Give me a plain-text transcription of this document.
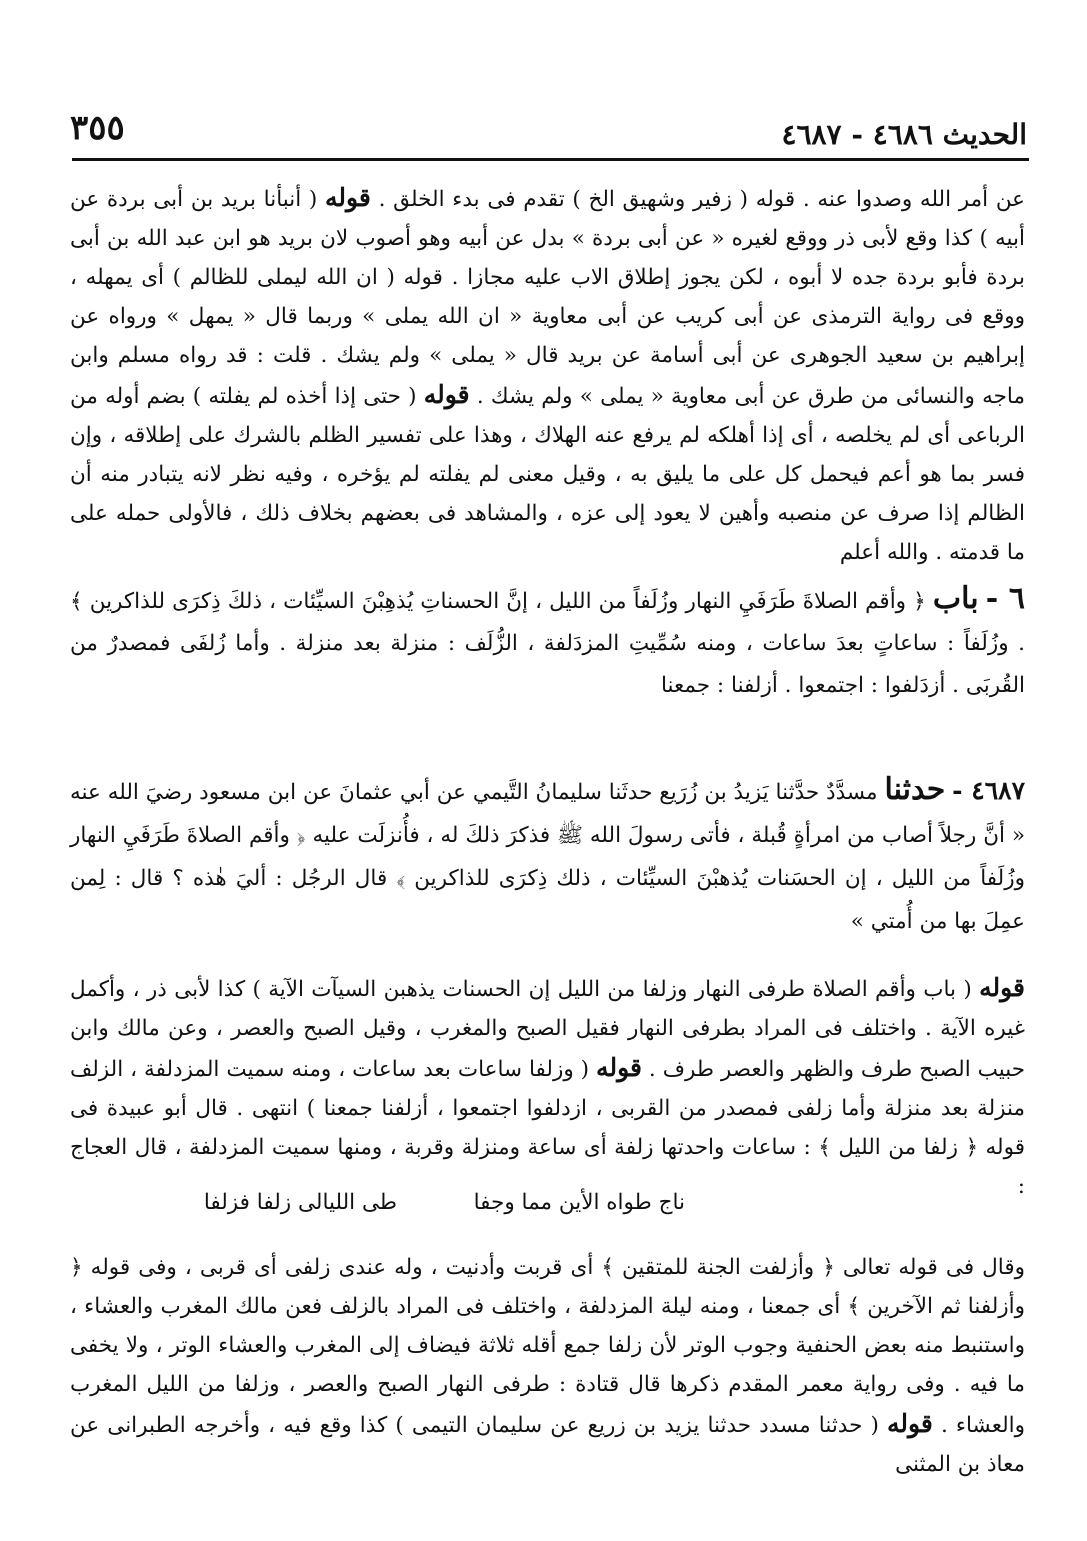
الحديث ٤٦٨٦ - ٤٦٨٧
٣٥٥

عن أمر الله وصدوا عنه . قوله ( زفير وشهيق الخ ) تقدم فى بدء الخلق . قوله ( أنبأنا بريد بن أبى بردة عن أبيه ) كذا وقع لأبى ذر ووقع لغيره « عن أبى بردة » بدل عن أبيه وهو أصوب لان بريد هو ابن عبد الله بن أبى بردة فأبو بردة جده لا أبوه ، لكن يجوز إطلاق الاب عليه مجازا . قوله ( ان الله ليملى للظالم ) أى يمهله ، ووقع فى رواية الترمذى عن أبى كريب عن أبى معاوية « ان الله يملى » وربما قال « يمهل » ورواه عن إبراهيم بن سعيد الجوهرى عن أبى أسامة عن بريد قال « يملى » ولم يشك . قلت : قد رواه مسلم وابن ماجه والنسائى من طرق عن أبى معاوية « يملى » ولم يشك . قوله ( حتى إذا أخذه لم يفلته ) بضم أوله من الرباعى أى لم يخلصه ، أى إذا أهلكه لم يرفع عنه الهلاك ، وهذا على تفسير الظلم بالشرك على إطلاقه ، وإن فسر بما هو أعم فيحمل كل على ما يليق به ، وقيل معنى لم يفلته لم يؤخره ، وفيه نظر لانه يتبادر منه أن الظالم إذا صرف عن منصبه وأهين لا يعود إلى عزه ، والمشاهد فى بعضهم بخلاف ذلك ، فالأولى حمله على ما قدمته . والله أعلم

٦ - باب ﴿ وأقم الصلاةَ طَرَفَيِ النهار وزُلَفاً من الليل ، إنَّ الحسناتِ يُذهِبْنَ السيِّئات ، ذلكَ ذِكرَى للذاكرين ﴾ . وزُلَفاً : ساعاتٍ بعدَ ساعات ، ومنه سُمِّيتِ المزدَلفة ، الزُّلَف : منزلة بعد منزلة . وأما زُلفَى فمصدرٌ من القُربَى . أزدَلفوا : اجتمعوا . أزلفنا : جمعنا

٤٦٨٧ - حدثنا مسدَّدٌ حدَّثنا يَزيدُ بن زُرَيع حدثَنا سليمانُ التَّيمي عن أبي عثمانَ عن ابن مسعود رضيَ الله عنه « أنَّ رجلاً أصاب من امرأةٍ قُبلة ، فأتى رسولَ الله ﷺ فذكرَ ذلكَ له ، فأُنزلَت عليه ﴿ وأقم الصلاةَ طَرَفَيِ النهار وزُلَفاً من الليل ، إن الحسَنات يُذهبْنَ السيِّئات ، ذلك ذِكرَى للذاكرين ﴾ قال الرجُل : أليَ هٰذه ؟ قال : لِمن عمِلَ بها من أُمتي »

قوله ( باب وأقم الصلاة طرفى النهار وزلفا من الليل إن الحسنات يذهبن السيآت الآية ) كذا لأبى ذر ، وأكمل غيره الآية . واختلف فى المراد بطرفى النهار فقيل الصبح والمغرب ، وقيل الصبح والعصر ، وعن مالك وابن حبيب الصبح طرف والظهر والعصر طرف . قوله ( وزلفا ساعات بعد ساعات ، ومنه سميت المزدلفة ، الزلف منزلة بعد منزلة وأما زلفى فمصدر من القربى ، ازدلفوا اجتمعوا ، أزلفنا جمعنا ) انتهى . قال أبو عبيدة فى قوله ﴿ زلفا من الليل ﴾ : ساعات واحدتها زلفة أى ساعة ومنزلة وقربة ، ومنها سميت المزدلفة ، قال العجاج :

ناج طواه الأين مما وجفا
طى الليالى زلفا فزلفا

وقال فى قوله تعالى ﴿ وأزلفت الجنة للمتقين ﴾ أى قربت وأدنيت ، وله عندى زلفى أى قربى ، وفى قوله ﴿ وأزلفنا ثم الآخرين ﴾ أى جمعنا ، ومنه ليلة المزدلفة ، واختلف فى المراد بالزلف فعن مالك المغرب والعشاء ، واستنبط منه بعض الحنفية وجوب الوتر لأن زلفا جمع أقله ثلاثة فيضاف إلى المغرب والعشاء الوتر ، ولا يخفى ما فيه . وفى رواية معمر المقدم ذكرها قال قتادة : طرفى النهار الصبح والعصر ، وزلفا من الليل المغرب والعشاء . قوله ( حدثنا مسدد حدثنا يزيد بن زريع عن سليمان التيمى ) كذا وقع فيه ، وأخرجه الطبرانى عن معاذ بن المثنى
